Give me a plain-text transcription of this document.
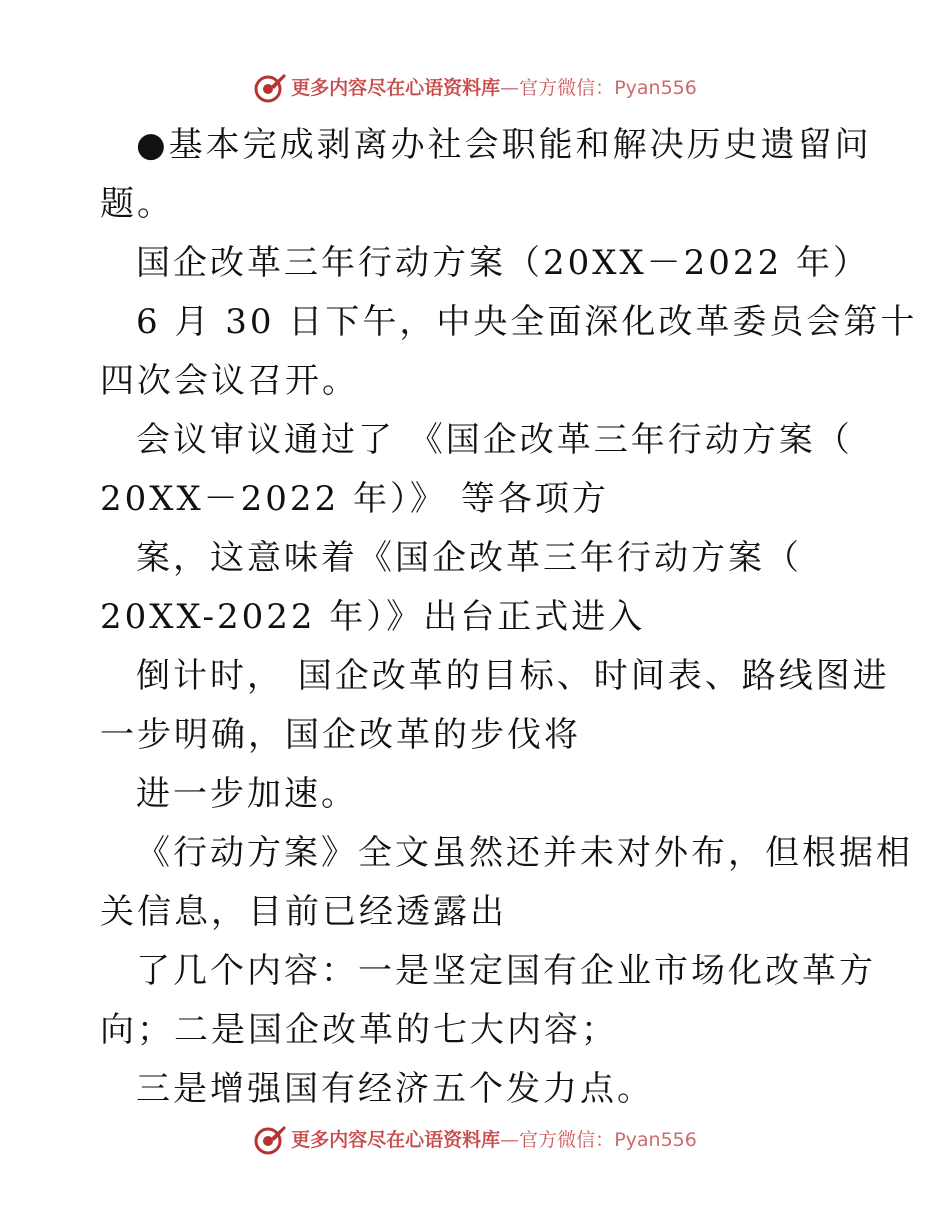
更多内容尽在心语资料库—官方微信：Pyan556
●基本完成剥离办社会职能和解决历史遗留问
题。
国企改革三年行动方案（20XX－2022 年）
6 月 30 日下午，中央全面深化改革委员会第十
四次会议召开。
会议审议通过了 《国企改革三年行动方案（
20XX－2022 年）》 等各项方
案，这意味着《国企改革三年行动方案（
20XX-2022 年）》出台正式进入
倒计时， 国企改革的目标、时间表、路线图进
一步明确，国企改革的步伐将
进一步加速。
《行动方案》全文虽然还并未对外布，但根据相
关信息，目前已经透露出
了几个内容：一是坚定国有企业市场化改革方
向；二是国企改革的七大内容；
三是增强国有经济五个发力点。
更多内容尽在心语资料库—官方微信：Pyan556
